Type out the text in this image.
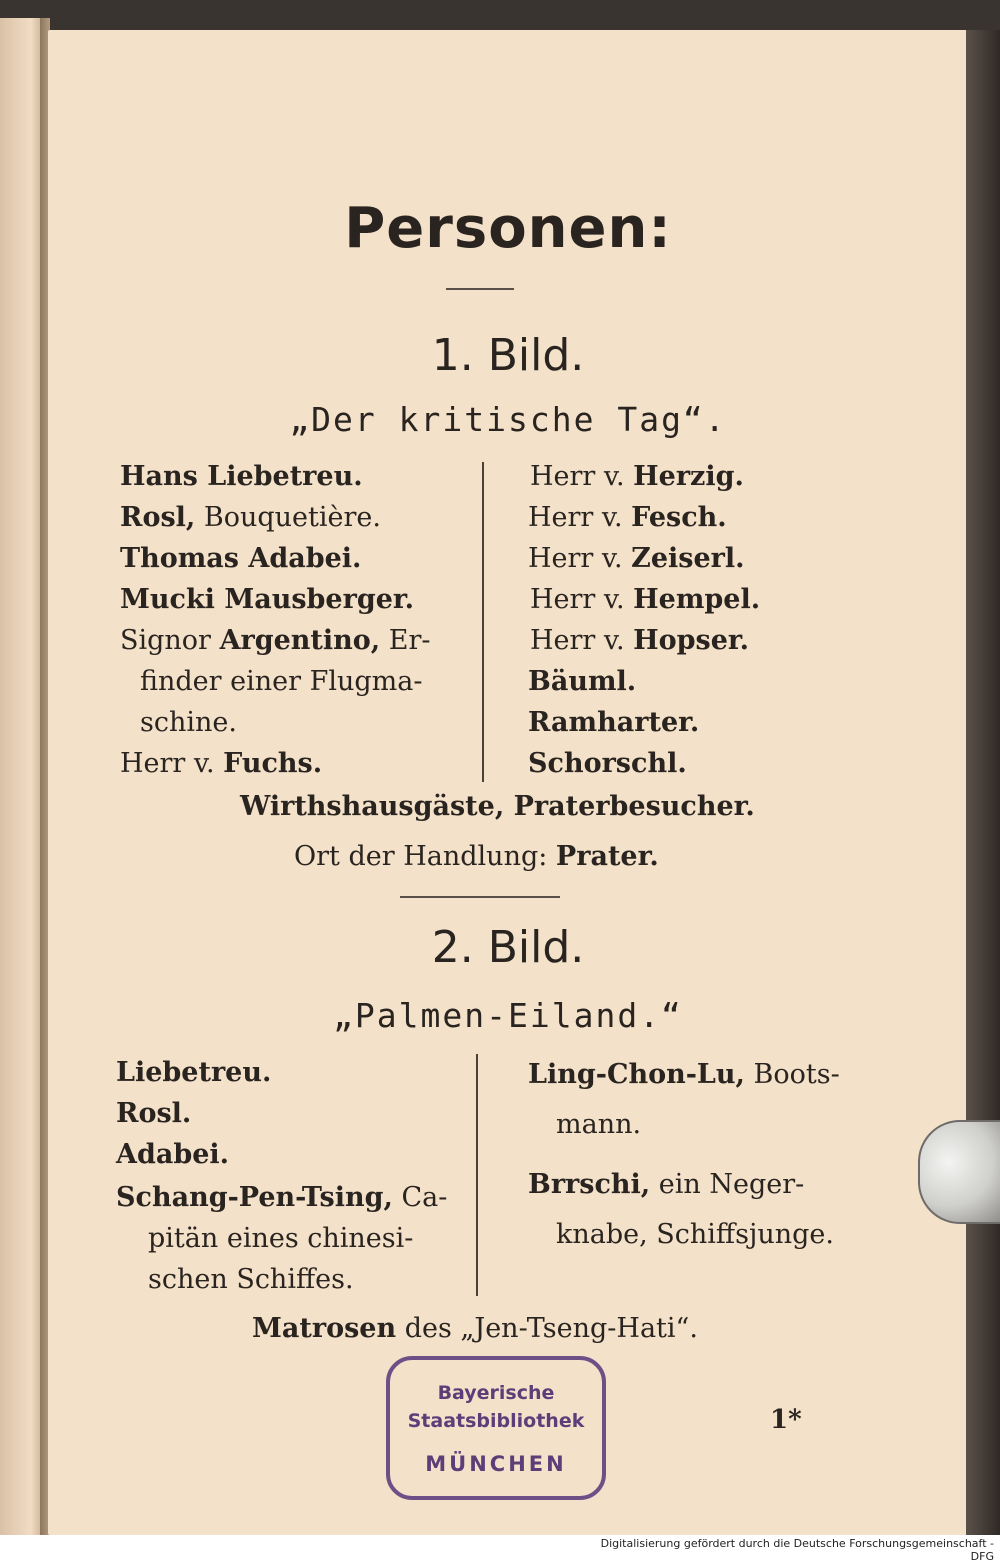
Personen:
1. Bild.
„Der kritische Tag“.
Hans Liebetreu.
Rosl, Bouquetière.
Thomas Adabei.
Mucki Mausberger.
Signor Argentino, Er-
finder einer Flugma-
schine.
Herr v. Fuchs.
Herr v. Herzig.
Herr v. Fesch.
Herr v. Zeiserl.
Herr v. Hempel.
Herr v. Hopser.
Bäuml.
Ramharter.
Schorschl.
Wirthshausgäste, Praterbesucher.
Ort der Handlung: Prater.
2. Bild.
„Palmen-Eiland.“
Liebetreu.
Rosl.
Adabei.
Schang-Pen-Tsing, Ca-
pitän eines chinesi-
schen Schiffes.
Ling-Chon-Lu, Boots-
mann.
Brrschi, ein Neger-
knabe, Schiffsjunge.
Matrosen des „Jen-Tseng-Hati“.
Bayerische
Staatsbibliothek
MÜNCHEN
1*
Digitalisierung gefördert durch die Deutsche Forschungsgemeinschaft - DFG
